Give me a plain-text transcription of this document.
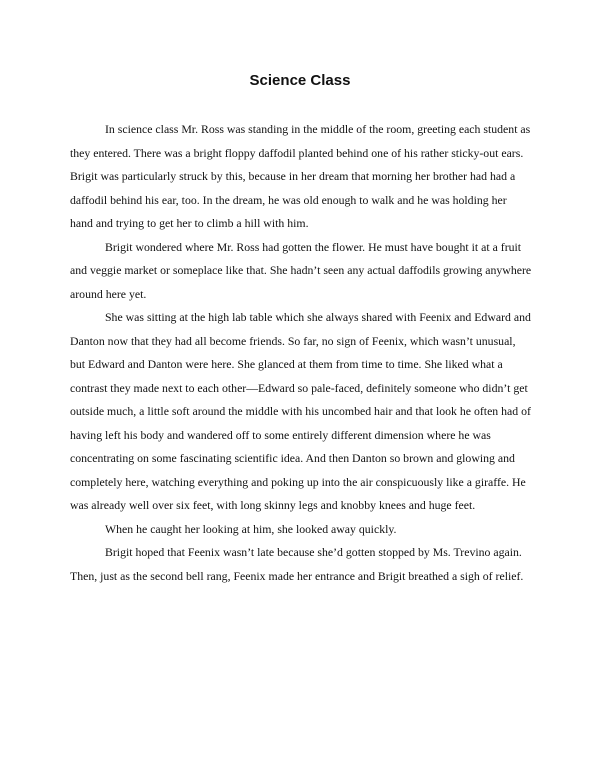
Science Class

In science class Mr. Ross was standing in the middle of the room, greeting each student as they entered. There was a bright floppy daffodil planted behind one of his rather sticky-out ears. Brigit was particularly struck by this, because in her dream that morning her brother had had a daffodil behind his ear, too. In the dream, he was old enough to walk and he was holding her hand and trying to get her to climb a hill with him.

Brigit wondered where Mr. Ross had gotten the flower. He must have bought it at a fruit and veggie market or someplace like that. She hadn’t seen any actual daffodils growing anywhere around here yet.

She was sitting at the high lab table which she always shared with Feenix and Edward and Danton now that they had all become friends. So far, no sign of Feenix, which wasn’t unusual, but Edward and Danton were here. She glanced at them from time to time. She liked what a contrast they made next to each other—Edward so pale-faced, definitely someone who didn’t get outside much, a little soft around the middle with his uncombed hair and that look he often had of having left his body and wandered off to some entirely different dimension where he was concentrating on some fascinating scientific idea. And then Danton so brown and glowing and completely here, watching everything and poking up into the air conspicuously like a giraffe. He was already well over six feet, with long skinny legs and knobby knees and huge feet.

When he caught her looking at him, she looked away quickly.

Brigit hoped that Feenix wasn’t late because she’d gotten stopped by Ms. Trevino again. Then, just as the second bell rang, Feenix made her entrance and Brigit breathed a sigh of relief.
